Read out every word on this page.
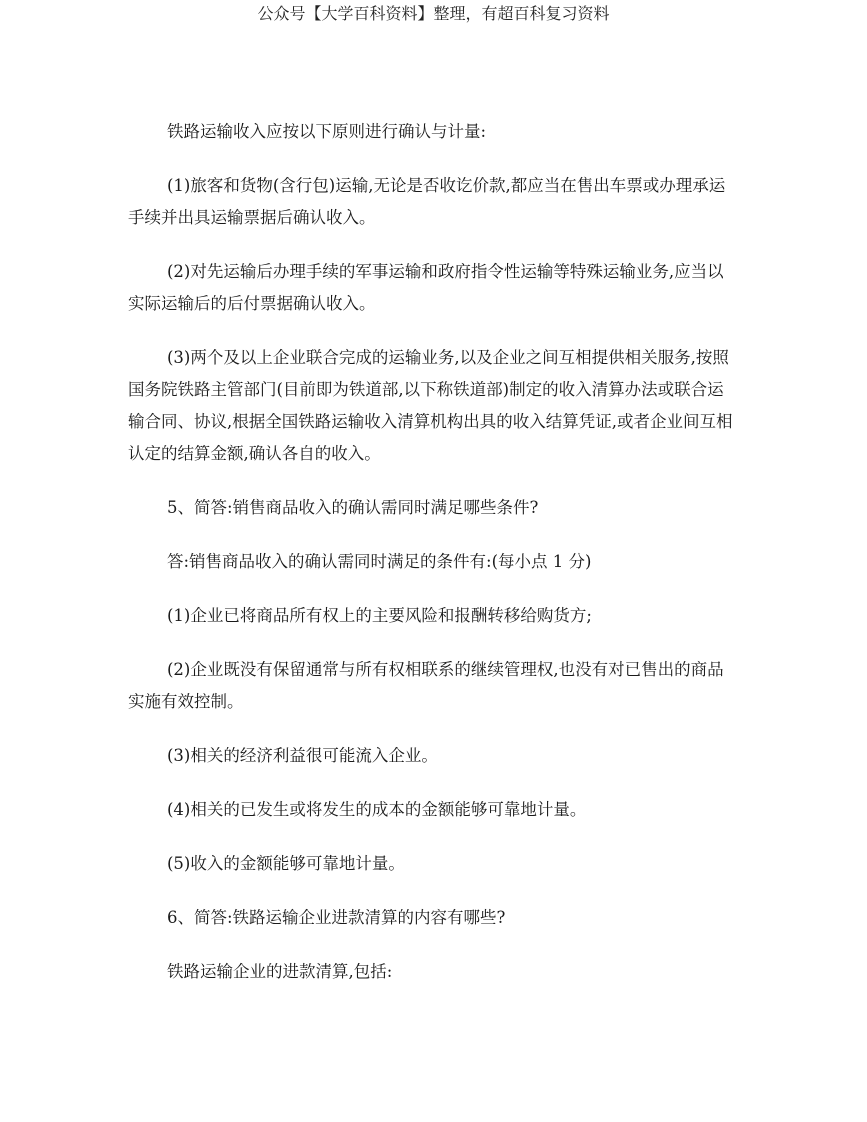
公众号【大学百科资料】整理，有超百科复习资料

铁路运输收入应按以下原则进行确认与计量:

(1)旅客和货物(含行包)运输,无论是否收讫价款,都应当在售出车票或办理承运手续并出具运输票据后确认收入。

(2)对先运输后办理手续的军事运输和政府指令性运输等特殊运输业务,应当以实际运输后的后付票据确认收入。

(3)两个及以上企业联合完成的运输业务,以及企业之间互相提供相关服务,按照国务院铁路主管部门(目前即为铁道部,以下称铁道部)制定的收入清算办法或联合运输合同、协议,根据全国铁路运输收入清算机构出具的收入结算凭证,或者企业间互相认定的结算金额,确认各自的收入。

5、简答:销售商品收入的确认需同时满足哪些条件?

答:销售商品收入的确认需同时满足的条件有:(每小点 1 分)

(1)企业已将商品所有权上的主要风险和报酬转移给购货方;

(2)企业既没有保留通常与所有权相联系的继续管理权,也没有对已售出的商品实施有效控制。

(3)相关的经济利益很可能流入企业。

(4)相关的已发生或将发生的成本的金额能够可靠地计量。

(5)收入的金额能够可靠地计量。

6、简答:铁路运输企业进款清算的内容有哪些?

铁路运输企业的进款清算,包括:
